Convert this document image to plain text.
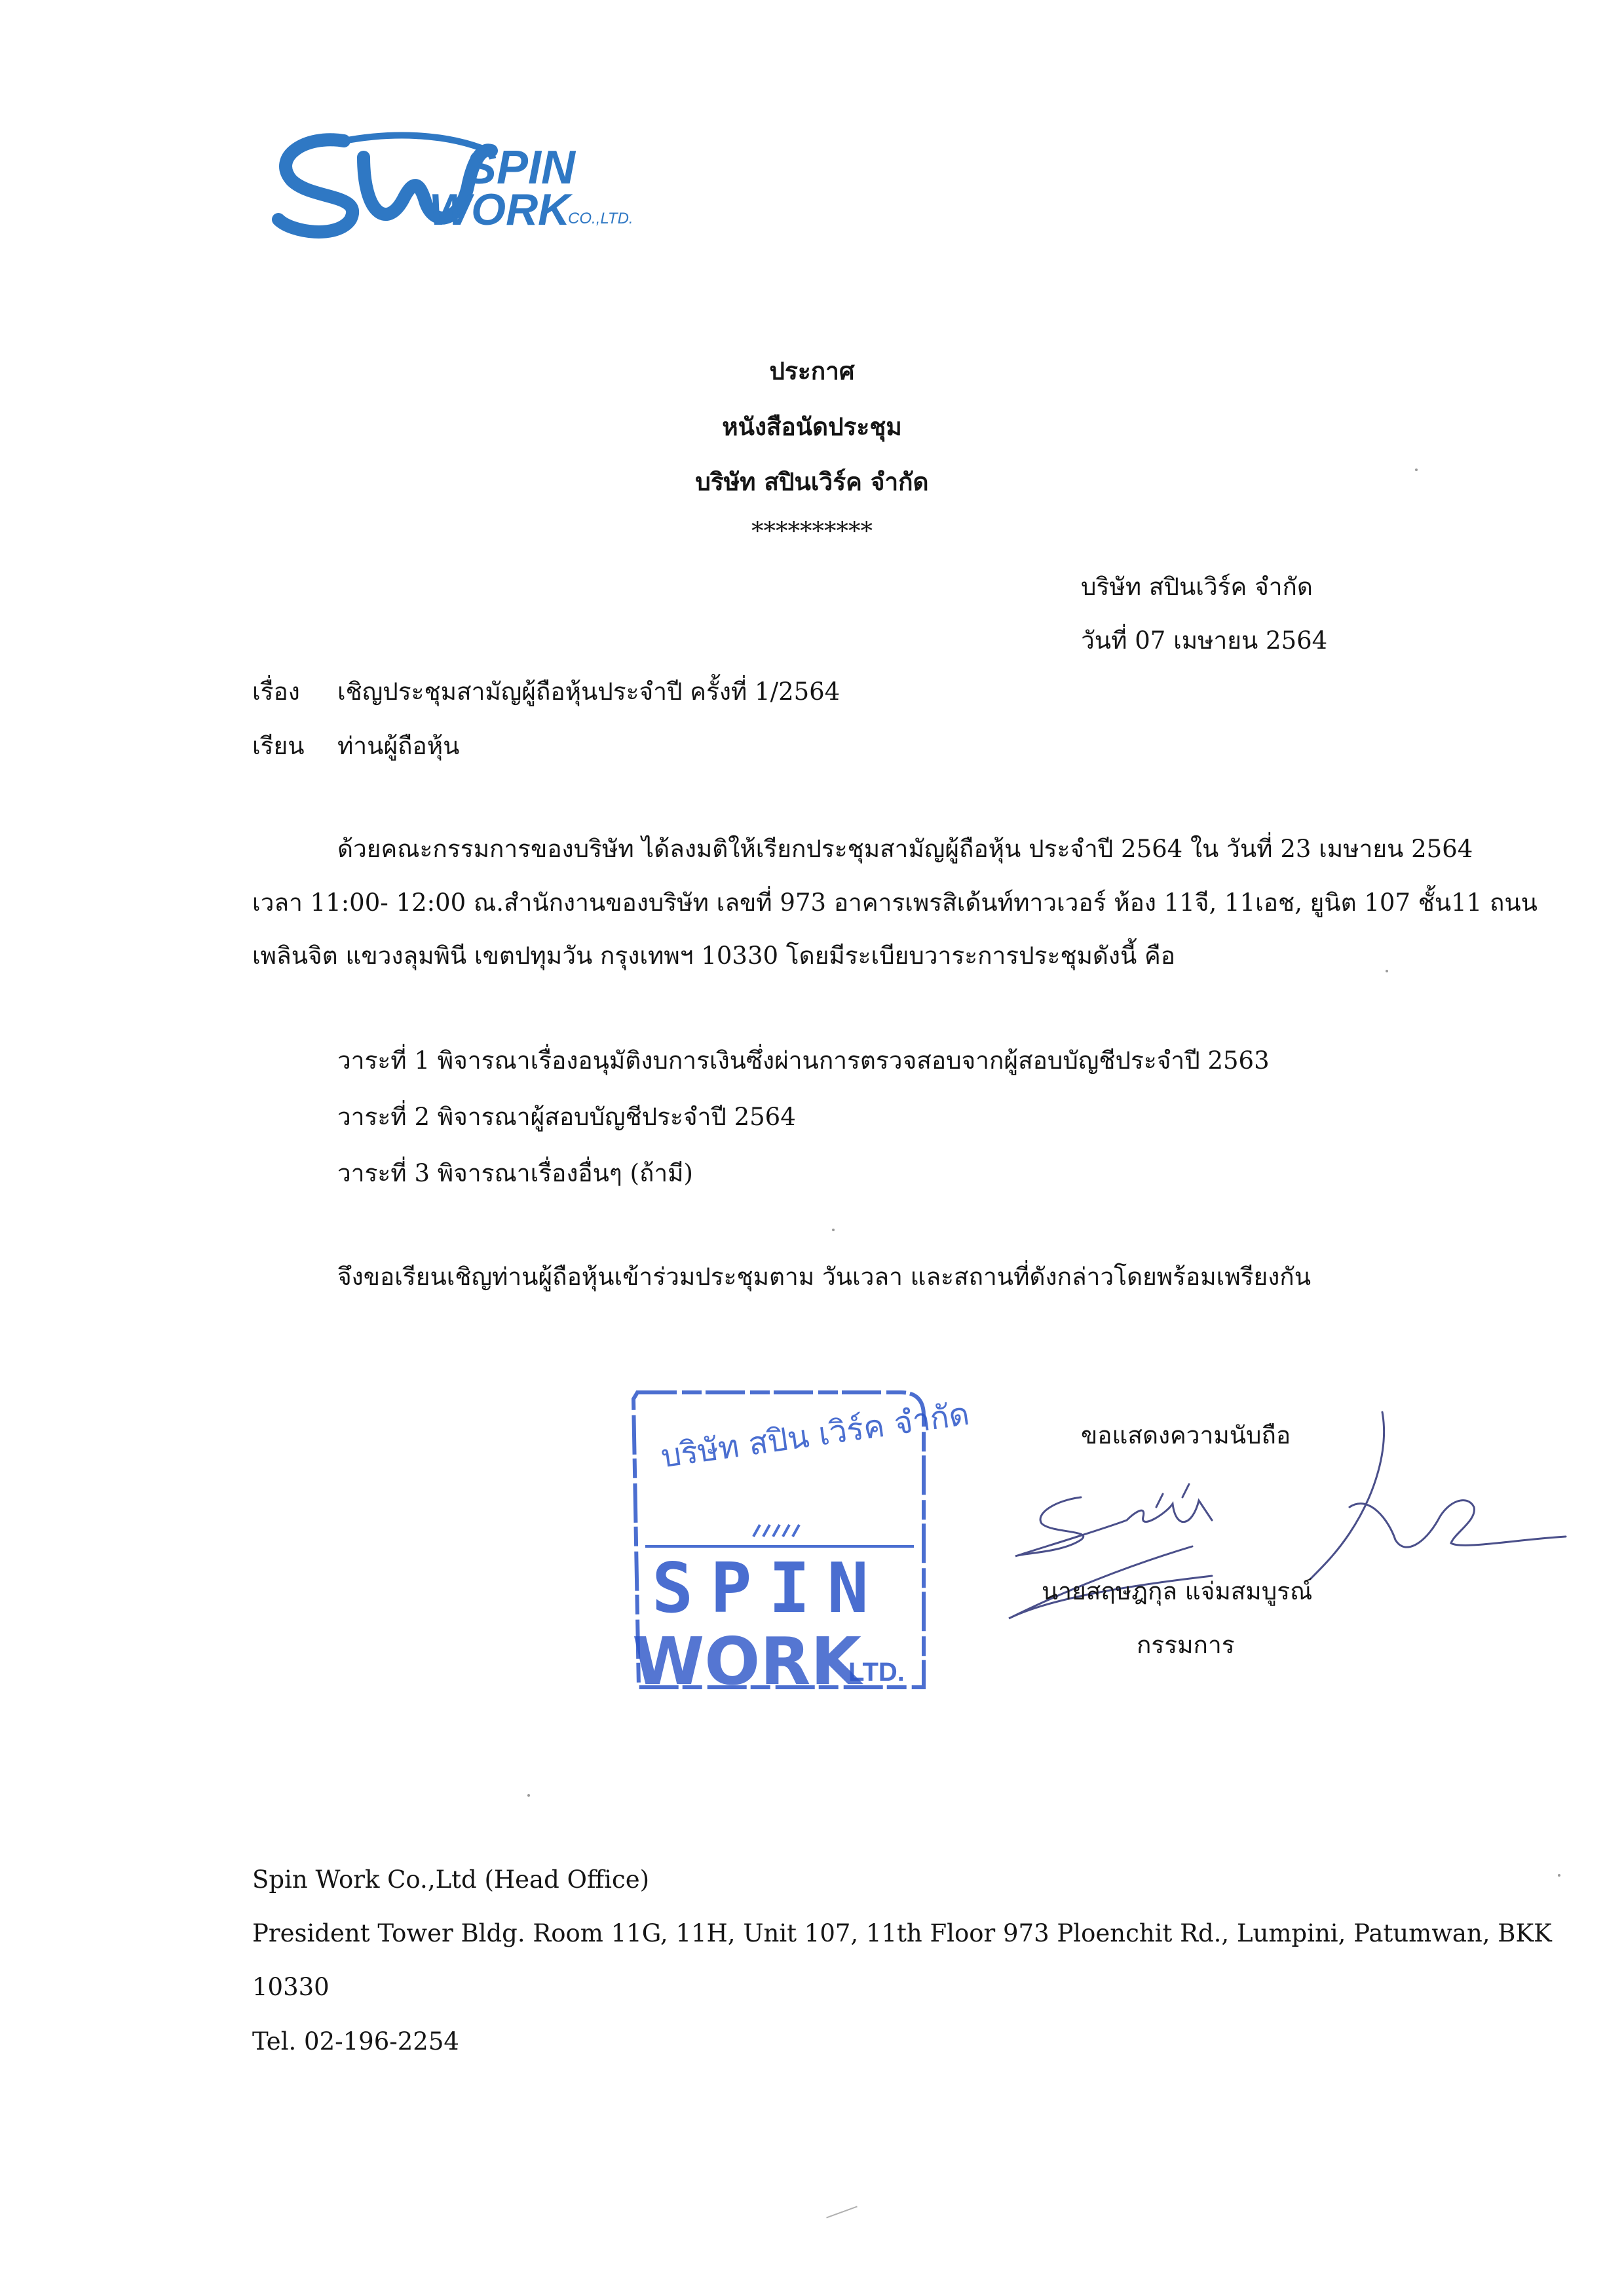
SPIN
WORK
CO.,LTD.
ประกาศ
หนังสือนัดประชุม
บริษัท สปินเวิร์ค จำกัด
**********
บริษัท สปินเวิร์ค จำกัด
วันที่ 07 เมษายน 2564
เรื่อง เชิญประชุมสามัญผู้ถือหุ้นประจำปี ครั้งที่ 1/2564
เรียน ท่านผู้ถือหุ้น
ด้วยคณะกรรมการของบริษัท ได้ลงมติให้เรียกประชุมสามัญผู้ถือหุ้น ประจำปี 2564 ใน วันที่ 23 เมษายน 2564
เวลา 11:00- 12:00 ณ.สำนักงานของบริษัท เลขที่ 973 อาคารเพรสิเด้นท์ทาวเวอร์ ห้อง 11จี, 11เอช, ยูนิต 107 ชั้น11 ถนน
เพลินจิต แขวงลุมพินี เขตปทุมวัน กรุงเทพฯ 10330 โดยมีระเบียบวาระการประชุมดังนี้ คือ
วาระที่ 1 พิจารณาเรื่องอนุมัติงบการเงินซึ่งผ่านการตรวจสอบจากผู้สอบบัญชีประจำปี 2563
วาระที่ 2 พิจารณาผู้สอบบัญชีประจำปี 2564
วาระที่ 3 พิจารณาเรื่องอื่นๆ (ถ้ามี)
จึงขอเรียนเชิญท่านผู้ถือหุ้นเข้าร่วมประชุมตาม วันเวลา และสถานที่ดังกล่าวโดยพร้อมเพรียงกัน
บริษัท สปิน เวิร์ค จำกัด
SPIN
WORK
LTD.
ขอแสดงความนับถือ
นายสฤษฎกุล แจ่มสมบูรณ์
กรรมการ
Spin Work Co.,Ltd (Head Office)
President Tower Bldg. Room 11G, 11H, Unit 107, 11th Floor 973 Ploenchit Rd., Lumpini, Patumwan, BKK
10330
Tel. 02-196-2254
